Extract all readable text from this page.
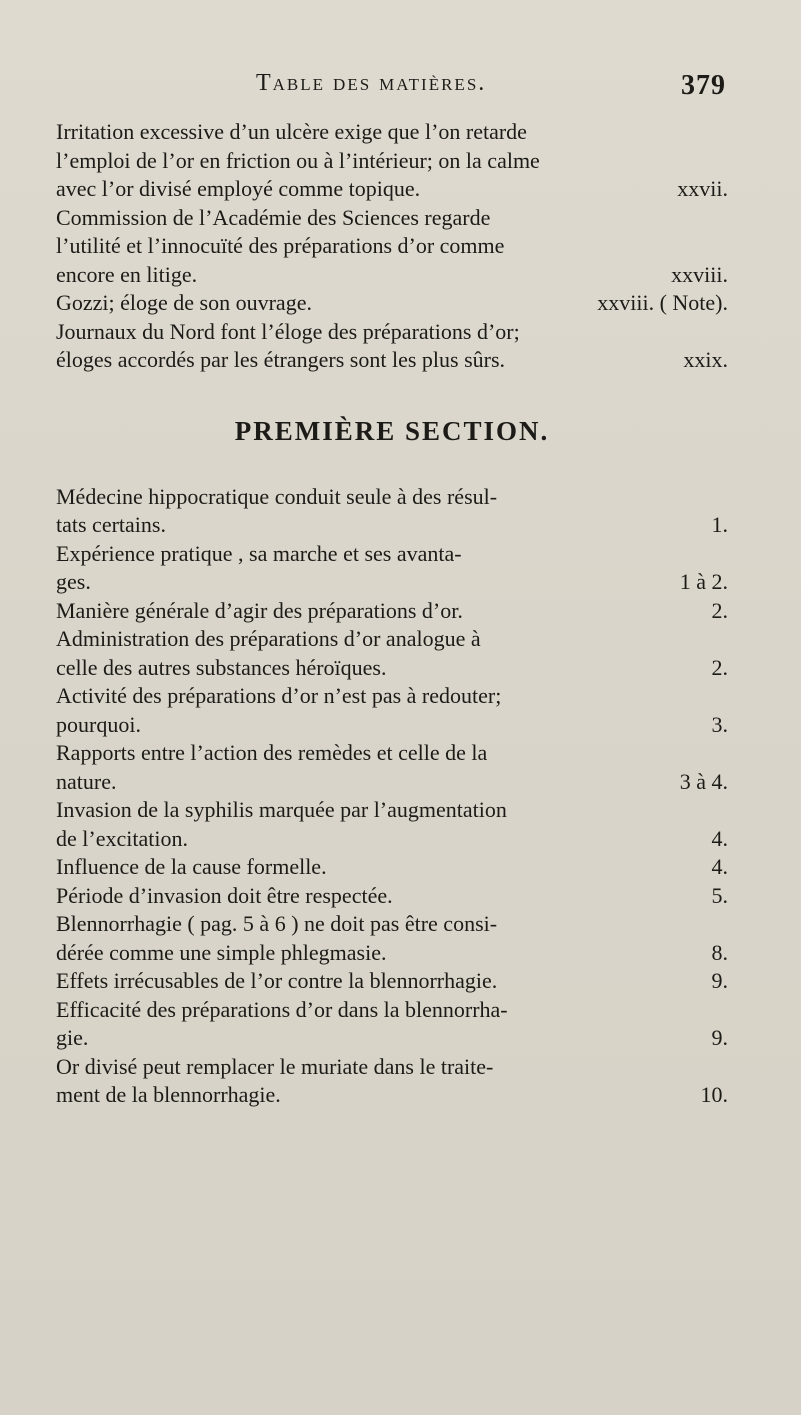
Table des matières.	379
Irritation excessive d’un ulcère exige que l’on retarde
l’emploi de l’or en friction ou à l’intérieur; on la calme
avec l’or divisé employé comme topique.	xxvii.
Commission de l’Académie des Sciences regarde
l’utilité et l’innocuïté des préparations d’or comme
encore en litige.	xxviii.
Gozzi; éloge de son ouvrage.	xxviii. ( Note).
Journaux du Nord font l’éloge des préparations d’or;
éloges accordés par les étrangers sont les plus sûrs.	xxix.
PREMIÈRE SECTION.
Médecine hippocratique conduit seule à des résul-
tats certains.	1.
Expérience pratique , sa marche et ses avanta-
ges.	1 à 2.
Manière générale d’agir des préparations d’or.	2.
Administration des préparations d’or analogue à
celle des autres substances héroïques.	2.
Activité des préparations d’or n’est pas à redouter;
pourquoi.	3.
Rapports entre l’action des remèdes et celle de la
nature.	3 à 4.
Invasion de la syphilis marquée par l’augmentation
de l’excitation.	4.
Influence de la cause formelle.	4.
Période d’invasion doit être respectée.	5.
Blennorrhagie ( pag. 5 à 6 ) ne doit pas être consi-
dérée comme une simple phlegmasie.	8.
Effets irrécusables de l’or contre la blennorrhagie.	9.
Efficacité des préparations d’or dans la blennorrha-
gie.	9.
Or divisé peut remplacer le muriate dans le traite-
ment de la blennorrhagie.	10.
